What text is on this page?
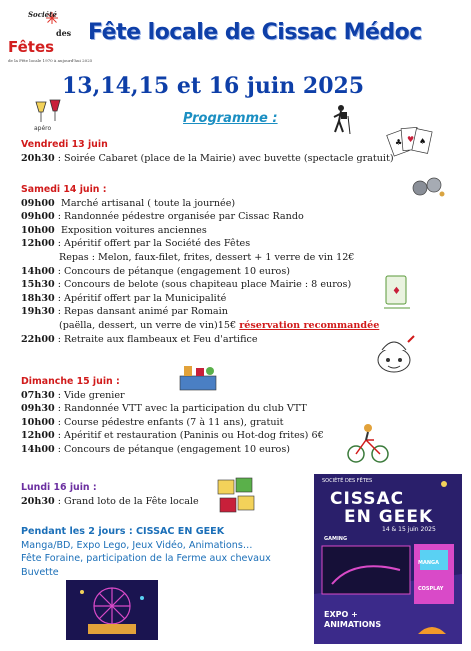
Société
des
Fêtes
de la Fête locale 1970 à aujourd'hui 2025
Fête locale de Cissac Médoc
13,14,15 et 16 juin 2025
Programme :
apéro
♥ ♠
♣
♦
Vendredi 13 juin
20h30 : Soirée Cabaret (place de la Mairie) avec buvette (spectacle gratuit)
Samedi 14 juin :
09h00 Marché artisanal ( toute la journée)
09h00 : Randonnée pédestre organisée par Cissac Rando
10h00 Exposition voitures anciennes
12h00 : Apéritif offert par la Société des Fêtes
Repas : Melon, faux-filet, frites, dessert + 1 verre de vin 12€
14h00 : Concours de pétanque (engagement 10 euros)
15h30 : Concours de belote (sous chapiteau place Mairie : 8 euros)
18h30 : Apéritif offert par la Municipalité
19h30 : Repas dansant animé par Romain
(paëlla, dessert, un verre de vin)15€ réservation recommandée
22h00 : Retraite aux flambeaux et Feu d'artifice
Dimanche 15 juin :
07h30 : Vide grenier
09h30 : Randonnée VTT avec la participation du club VTT
10h00 : Course pédestre enfants (7 à 11 ans), gratuit
12h00 : Apéritif et restauration (Paninis ou Hot-dog frites) 6€
14h00 : Concours de pétanque (engagement 10 euros)
Lundi 16 juin :
20h30 : Grand loto de la Fête locale
Pendant les 2 jours : CISSAC EN GEEK
Manga/BD, Expo Lego, Jeux Vidéo, Animations…
Fête Foraine, participation de la Ferme aux chevaux
Buvette
SOCIÉTÉ DES FÊTES
CISSAC
EN GEEK
14 & 15 juin 2025
GAMING
MANGA
COSPLAY
EXPO +
ANIMATIONS
